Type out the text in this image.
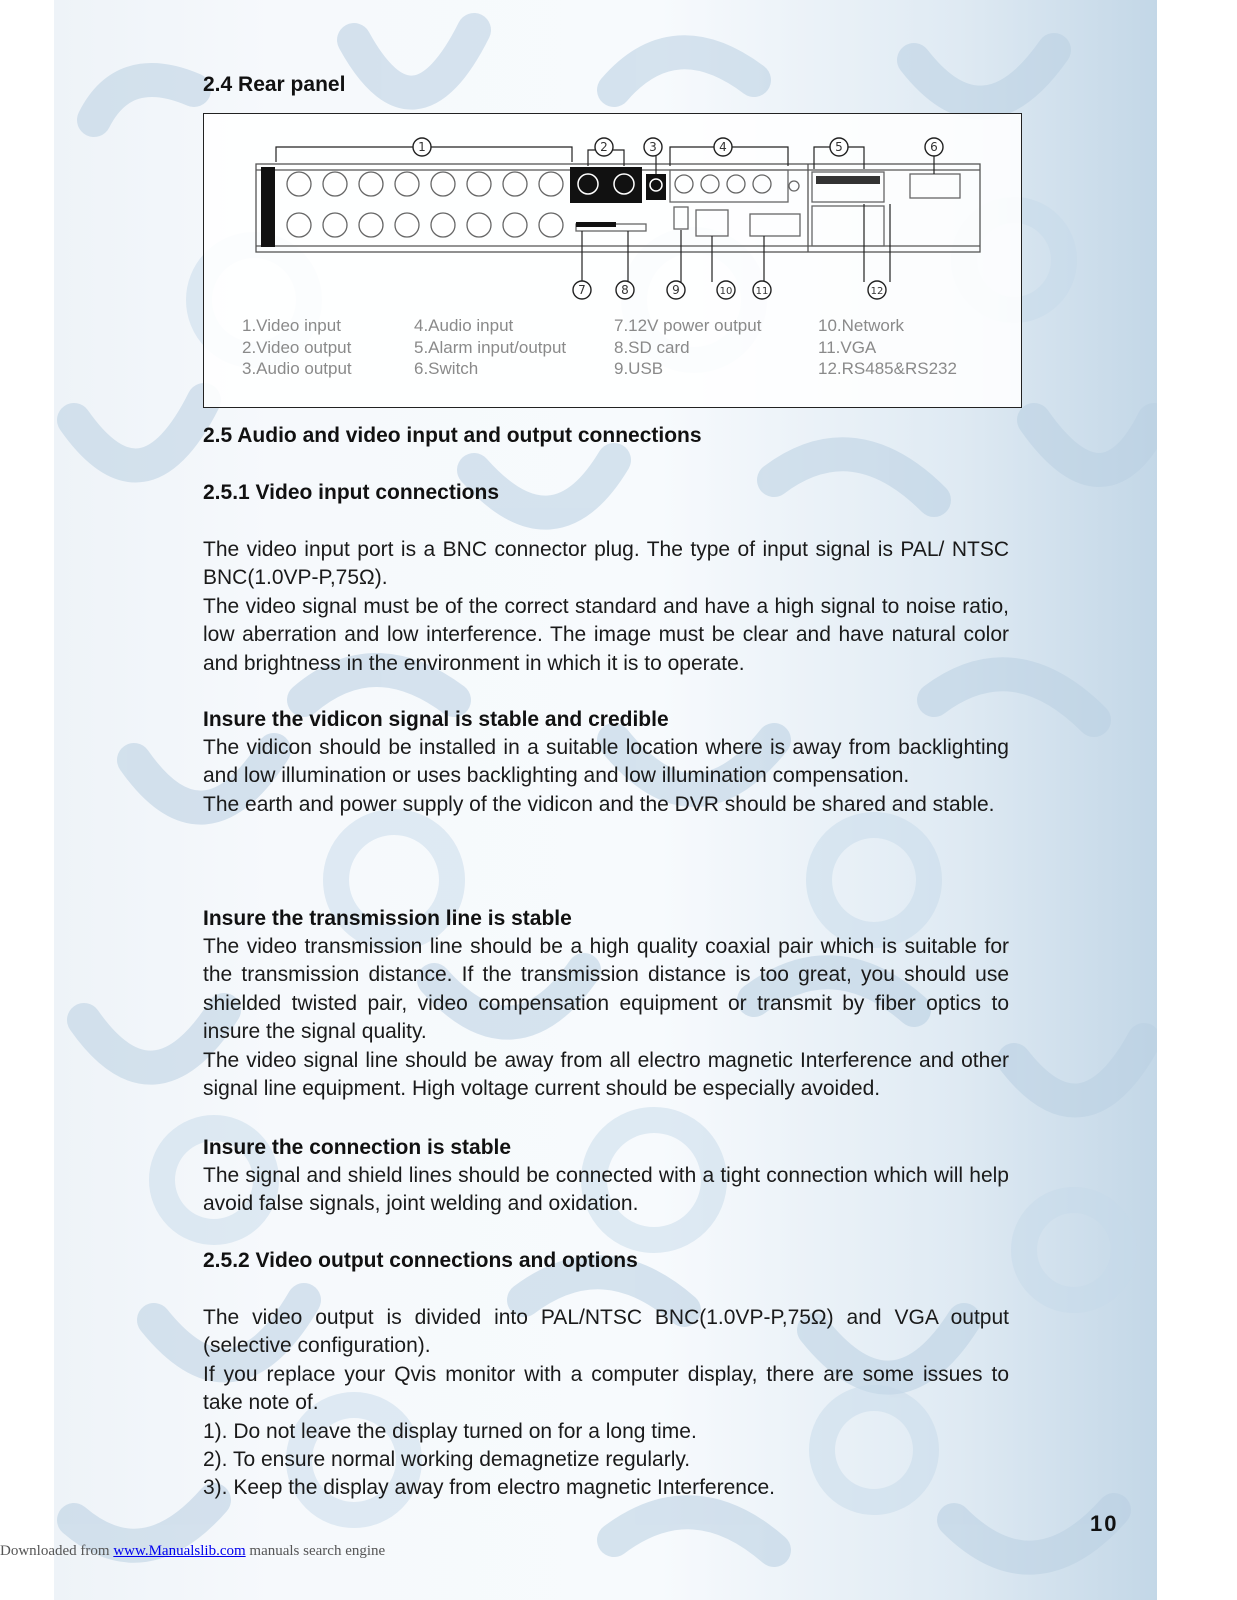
2.4 Rear panel
2.5 Audio and video input and output connections
2.5.1 Video input connections

The video input port is a BNC connector plug. The type of input signal is PAL/ NTSC BNC(1.0VP-P,75Ω).

The video signal must be of the correct standard and have a high signal to noise ratio, low aberration and low interference. The image must be clear and have natural color and brightness in the environment in which it is to operate.

Insure the vidicon signal is stable and credible

The vidicon should be installed in a suitable location where is away from backlighting and low illumination or uses backlighting and low illumination compensation.

The earth and power supply of the vidicon and the DVR should be shared and stable.

Insure the transmission line is stable

The video transmission line should be a high quality coaxial pair which is suitable for the transmission distance. If the transmission distance is too great, you should use shielded twisted pair, video compensation equipment or transmit by fiber optics to insure the signal quality.

The video signal line should be away from all electro magnetic Interference and other signal line equipment. High voltage current should be especially avoided.

Insure the connection is stable

The signal and shield lines should be connected with a tight connection which will help avoid false signals, joint welding and oxidation.

2.5.2 Video output connections and options

The video output is divided into PAL/NTSC BNC(1.0VP-P,75Ω) and VGA output (selective configuration).

If you replace your Qvis monitor with a computer display, there are some issues to take note of.

1). Do not leave the display turned on for a long time.

2). To ensure normal working demagnetize regularly.

3). Keep the display away from electro magnetic Interference.

1	2	3	4	5	6
7	8	9	10 11	12
1.Video input
2.Video output
3.Audio output
4.Audio input
5.Alarm input/output
6.Switch
7.12V power output
8.SD card
9.USB
10.Network
11.VGA
12.RS485&RS232
10
Downloaded from www.Manualslib.com manuals search engine
